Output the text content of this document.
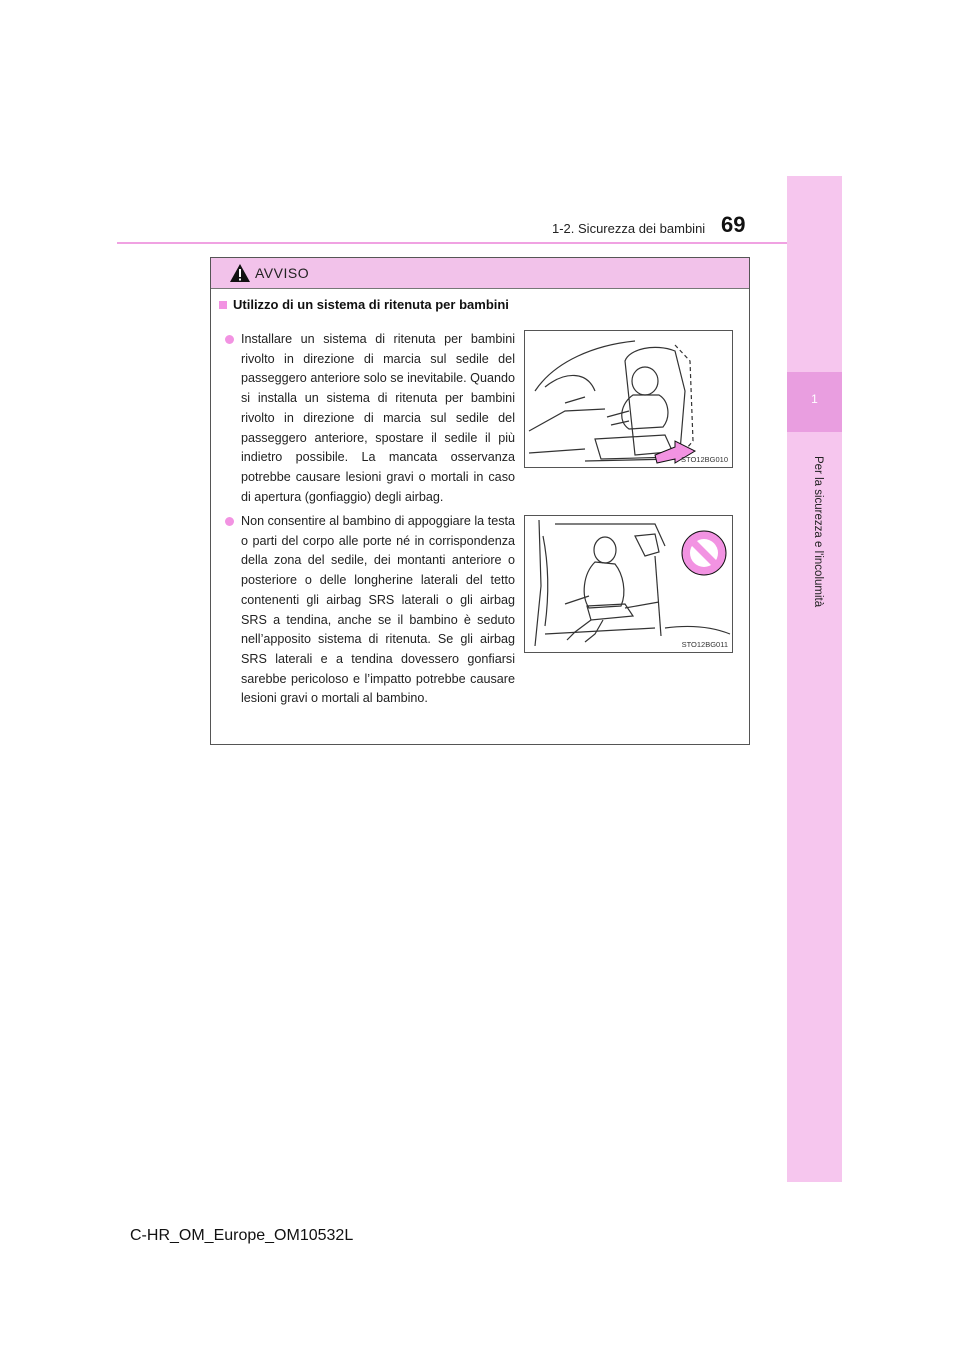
1
Per la sicurezza e l'incolumità
1-2. Sicurezza dei bambini 69
AVVISO
Utilizzo di un sistema di ritenuta per bambini
Installare un sistema di ritenuta per bambini rivolto in direzione di marcia sul sedile del passeggero anteriore solo se inevitabile. Quando si installa un sistema di ritenuta per bambini rivolto in direzione di marcia sul sedile del passeggero anteriore, spostare il sedile il più indietro possibile. La mancata osservanza potrebbe causare lesioni gravi o mortali in caso di apertura (gonfiaggio) degli airbag.
STO12BG010
Non consentire al bambino di appoggiare la testa o parti del corpo alle porte né in corrispondenza della zona del sedile, dei montanti anteriore o posteriore o delle longherine laterali del tetto contenenti gli airbag SRS laterali o gli airbag SRS a tendina, anche se il bambino è seduto nell’apposito sistema di ritenuta. Se gli airbag SRS laterali e a tendina dovessero gonfiarsi sarebbe pericoloso e l’impatto potrebbe causare lesioni gravi o mortali al bambino.
STO12BG011
C-HR_OM_Europe_OM10532L
